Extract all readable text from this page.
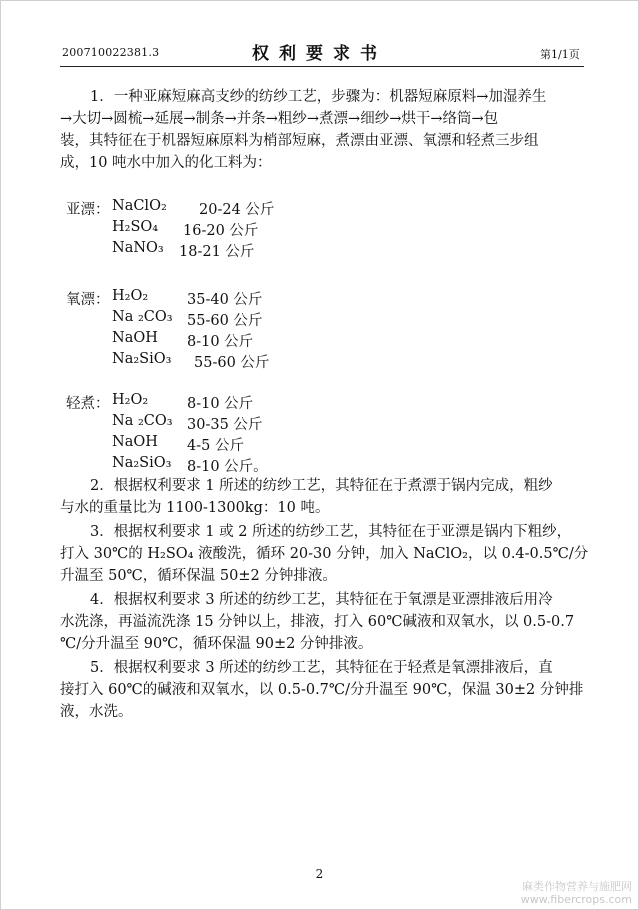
200710022381.3	权利要求书	第1/1页
1．一种亚麻短麻高支纱的纺纱工艺，步骤为：机器短麻原料→加湿养生
→大切→圆梳→延展→制条→并条→粗纱→煮漂→细纱→烘干→络筒→包
装，其特征在于机器短麻原料为梢部短麻，煮漂由亚漂、氧漂和轻煮三步组
成，10 吨水中加入的化工料为：
亚漂： NaClO₂ 20-24 公斤
H₂SO₄ 16-20 公斤
NaNO₃ 18-21 公斤
氧漂： H₂O₂	35-40 公斤
Na ₂CO₃ 55-60 公斤
NaOH 8-10 公斤
Na₂SiO₃ 55-60 公斤
轻煮： H₂O₂	8-10 公斤
Na ₂CO₃ 30-35 公斤
NaOH 4-5 公斤
Na₂SiO₃ 8-10 公斤。
2．根据权利要求 1 所述的纺纱工艺，其特征在于煮漂于锅内完成，粗纱
与水的重量比为 1100-1300kg：10 吨。
3．根据权利要求 1 或 2 所述的纺纱工艺，其特征在于亚漂是锅内下粗纱，
打入 30℃的 H₂SO₄ 液酸洗，循环 20-30 分钟，加入 NaClO₂，以 0.4-0.5℃/分
升温至 50℃，循环保温 50±2 分钟排液。
4．根据权利要求 3 所述的纺纱工艺，其特征在于氧漂是亚漂排液后用冷
水洗涤，再溢流洗涤 15 分钟以上，排液，打入 60℃碱液和双氧水，以 0.5-0.7
℃/分升温至 90℃，循环保温 90±2 分钟排液。
5．根据权利要求 3 所述的纺纱工艺，其特征在于轻煮是氧漂排液后，直
接打入 60℃的碱液和双氧水，以 0.5-0.7℃/分升温至 90℃，保温 30±2 分钟排
液，水洗。
2
麻类作物营养与施肥网
www.fibercrops.com
